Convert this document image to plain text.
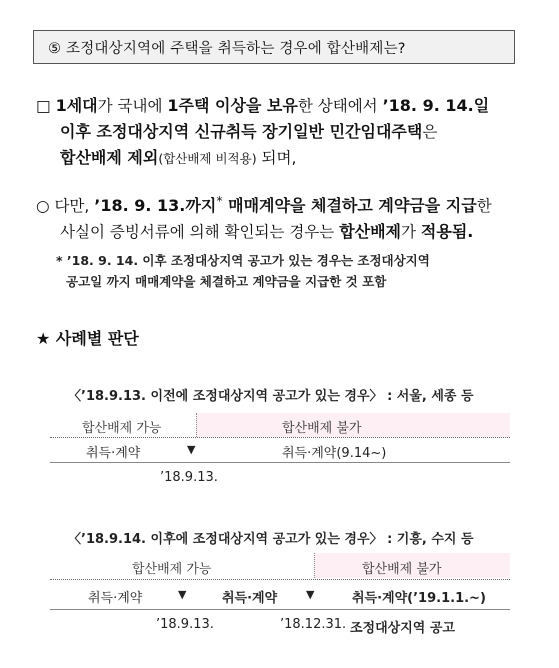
⑤ 조정대상지역에 주택을 취득하는 경우에 합산배제는?
□ 1세대가 국내에 1주택 이상을 보유한 상태에서 ’18. 9. 14.일
이후 조정대상지역 신규취득 장기일반 민간임대주택은
합산배제 제외(합산배제 비적용) 되며,
○ 다만, ’18. 9. 13.까지* 매매계약을 체결하고 계약금을 지급한
사실이 증빙서류에 의해 확인되는 경우는 합산배제가 적용됨.
* ’18. 9. 14. 이후 조정대상지역 공고가 있는 경우는 조정대상지역
공고일 까지 매매계약을 체결하고 계약금을 지급한 것 포함
★ 사례별 판단
〈’18.9.13. 이전에 조정대상지역 공고가 있는 경우〉 : 서울, 세종 등
합산배제 가능	합산배제 불가
취득·계약	▼	취득·계약(9.14~)
’18.9.13.
〈’18.9.14. 이후에 조정대상지역 공고가 있는 경우〉 : 기흥, 수지 등
합산배제 가능	합산배제 불가
취득·계약	▼	취득·계약	▼	취득·계약(’19.1.1.~)
’18.9.13.	’18.12.31. 조정대상지역 공고
